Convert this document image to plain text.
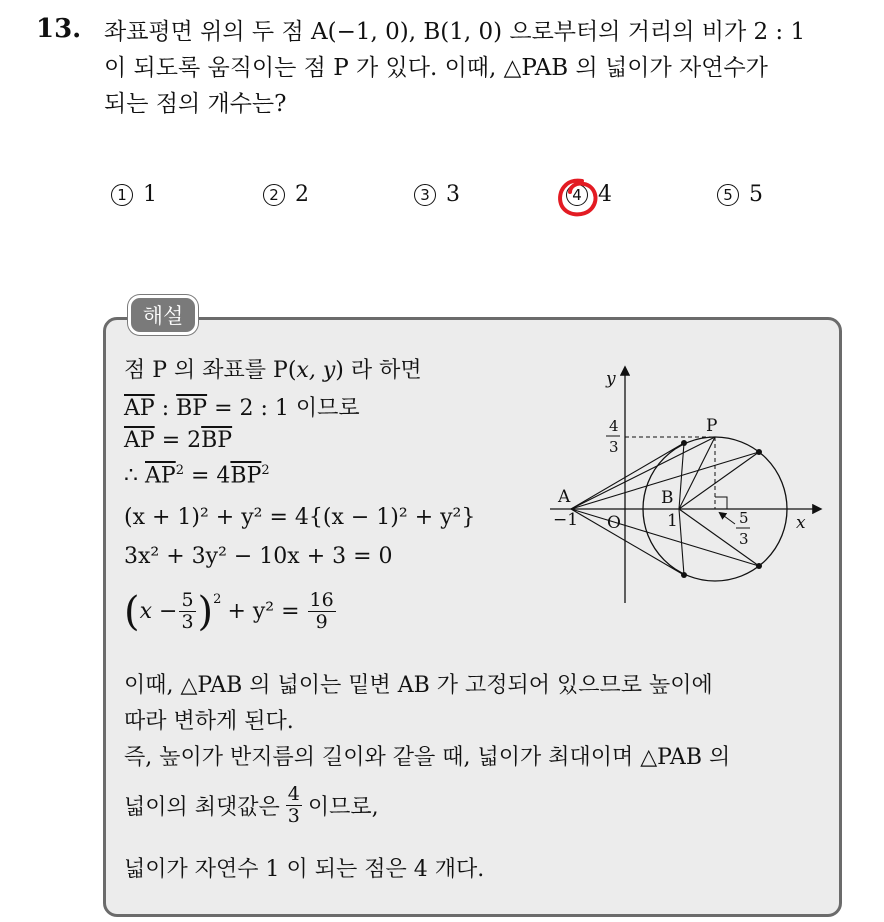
13. 좌표평면 위의 두 점 A(−1, 0), B(1, 0) 으로부터의 거리의 비가 2 : 1
이 되도록 움직이는 점 P 가 있다. 이때, △PAB 의 넓이가 자연수가
되는 점의 개수는?
1 1	2 2	3 3	4 4	5 5
해설
점 P 의 좌표를 P(x, y) 라 하면
$\overline{AP}$ : $\overline{BP} = 2$ : 1 이므로
$\overline{AP} = 2\overline{BP}$
∴ $\overline{AP}^2 = 4\overline{BP}^2$
(x + 1)² + y² = 4{(x − 1)² + y²}
3x² + 3y² − 10x + 3 = 0
( $x - \frac{5}{3} )^2 + y^2 = \frac{16}{9}$
이때, △PAB 의 넓이는 밑변 AB 가 고정되어 있으므로 높이에
따라 변하게 된다.
즉, 높이가 반지름의 길이와 같을 때, 넓이가 최대이며 △PAB 의
넓이의 최댓값은 $\frac{4}{3}$ 이므로,
넓이가 자연수 1 이 되는 점은 4 개다.
y
x
A	B
P
O
−1	1
4
3
5
3
